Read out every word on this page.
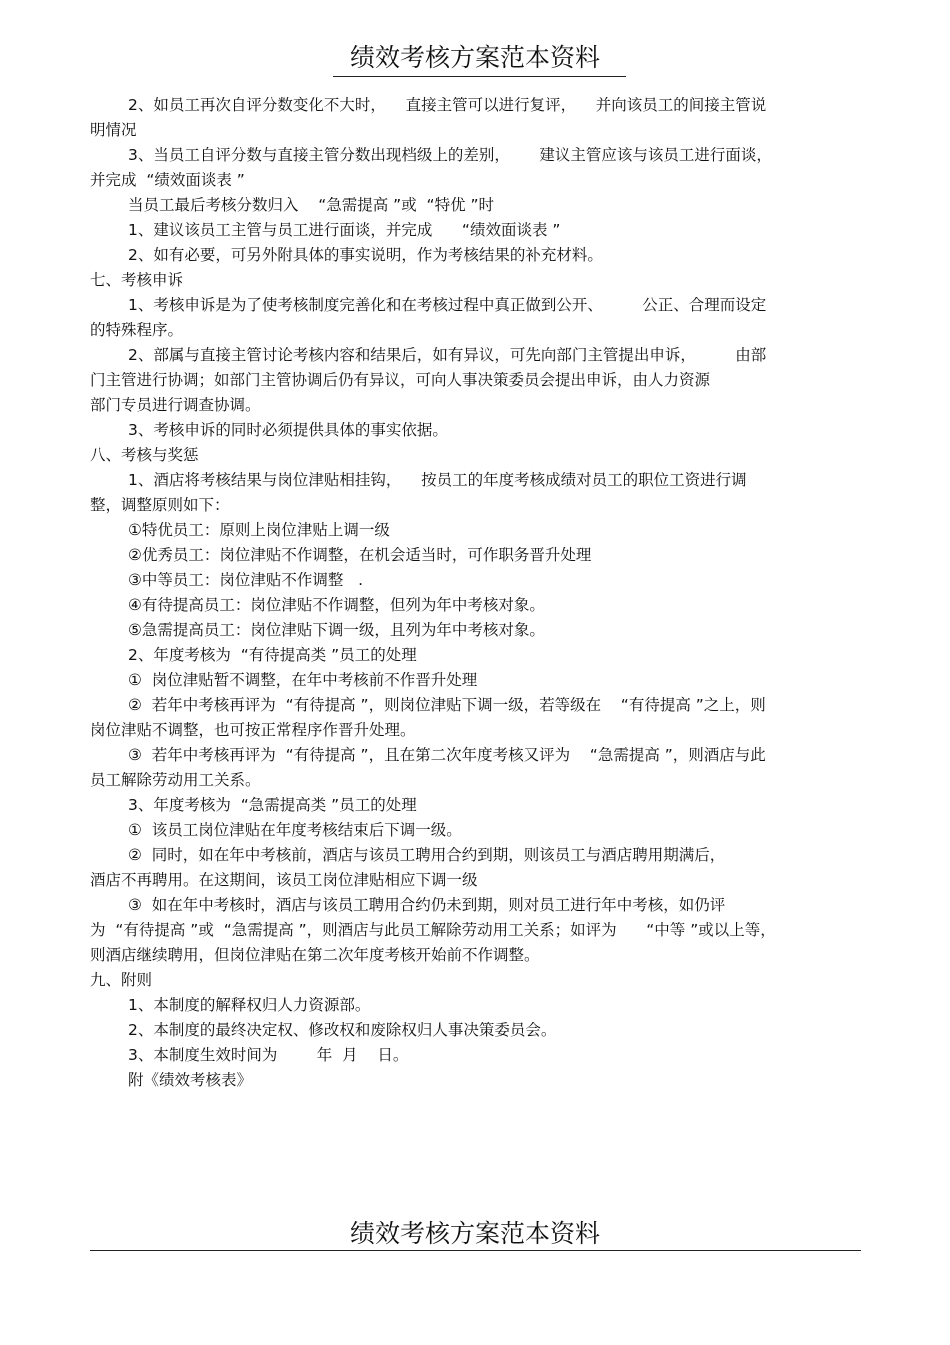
绩效考核方案范本资料
2、如员工再次自评分数变化不大时，    直接主管可以进行复评，    并向该员工的间接主管说
明情况
3、当员工自评分数与直接主管分数出现档级上的差别，      建议主管应该与该员工进行面谈，
并完成  “绩效面谈表 ”
当员工最后考核分数归入    “急需提高 ”或  “特优 ”时
1、建议该员工主管与员工进行面谈，并完成      “绩效面谈表 ”
2、如有必要，可另外附具体的事实说明，作为考核结果的补充材料。
七、考核申诉
1、考核申诉是为了使考核制度完善化和在考核过程中真正做到公开、        公正、合理而设定
的特殊程序。
2、部属与直接主管讨论考核内容和结果后，如有异议，可先向部门主管提出申诉，        由部
门主管进行协调；如部门主管协调后仍有异议，可向人事决策委员会提出申诉，由人力资源
部门专员进行调查协调。
3、考核申诉的同时必须提供具体的事实依据。
八、考核与奖惩
1、酒店将考核结果与岗位津贴相挂钩，    按员工的年度考核成绩对员工的职位工资进行调
整，调整原则如下：
①特优员工：原则上岗位津贴上调一级
②优秀员工：岗位津贴不作调整，在机会适当时，可作职务晋升处理
③中等员工：岗位津贴不作调整   .
④有待提高员工：岗位津贴不作调整，但列为年中考核对象。
⑤急需提高员工：岗位津贴下调一级，且列为年中考核对象。
2、年度考核为  “有待提高类 ”员工的处理
①  岗位津贴暂不调整，在年中考核前不作晋升处理
②  若年中考核再评为  “有待提高 ”，则岗位津贴下调一级，若等级在    “有待提高 ”之上，则
岗位津贴不调整，也可按正常程序作晋升处理。
③  若年中考核再评为  “有待提高 ”，且在第二次年度考核又评为    “急需提高 ”，则酒店与此
员工解除劳动用工关系。
3、年度考核为  “急需提高类 ”员工的处理
①  该员工岗位津贴在年度考核结束后下调一级。
②  同时，如在年中考核前，酒店与该员工聘用合约到期，则该员工与酒店聘用期满后，
酒店不再聘用。在这期间，该员工岗位津贴相应下调一级
③  如在年中考核时，酒店与该员工聘用合约仍未到期，则对员工进行年中考核，如仍评
为  “有待提高 ”或  “急需提高 ”，则酒店与此员工解除劳动用工关系；如评为      “中等 ”或以上等，
则酒店继续聘用，但岗位津贴在第二次年度考核开始前不作调整。
九、附则
1、本制度的解释权归人力资源部。
2、本制度的最终决定权、修改权和废除权归人事决策委员会。
3、本制度生效时间为        年  月    日。
附《绩效考核表》
绩效考核方案范本资料
